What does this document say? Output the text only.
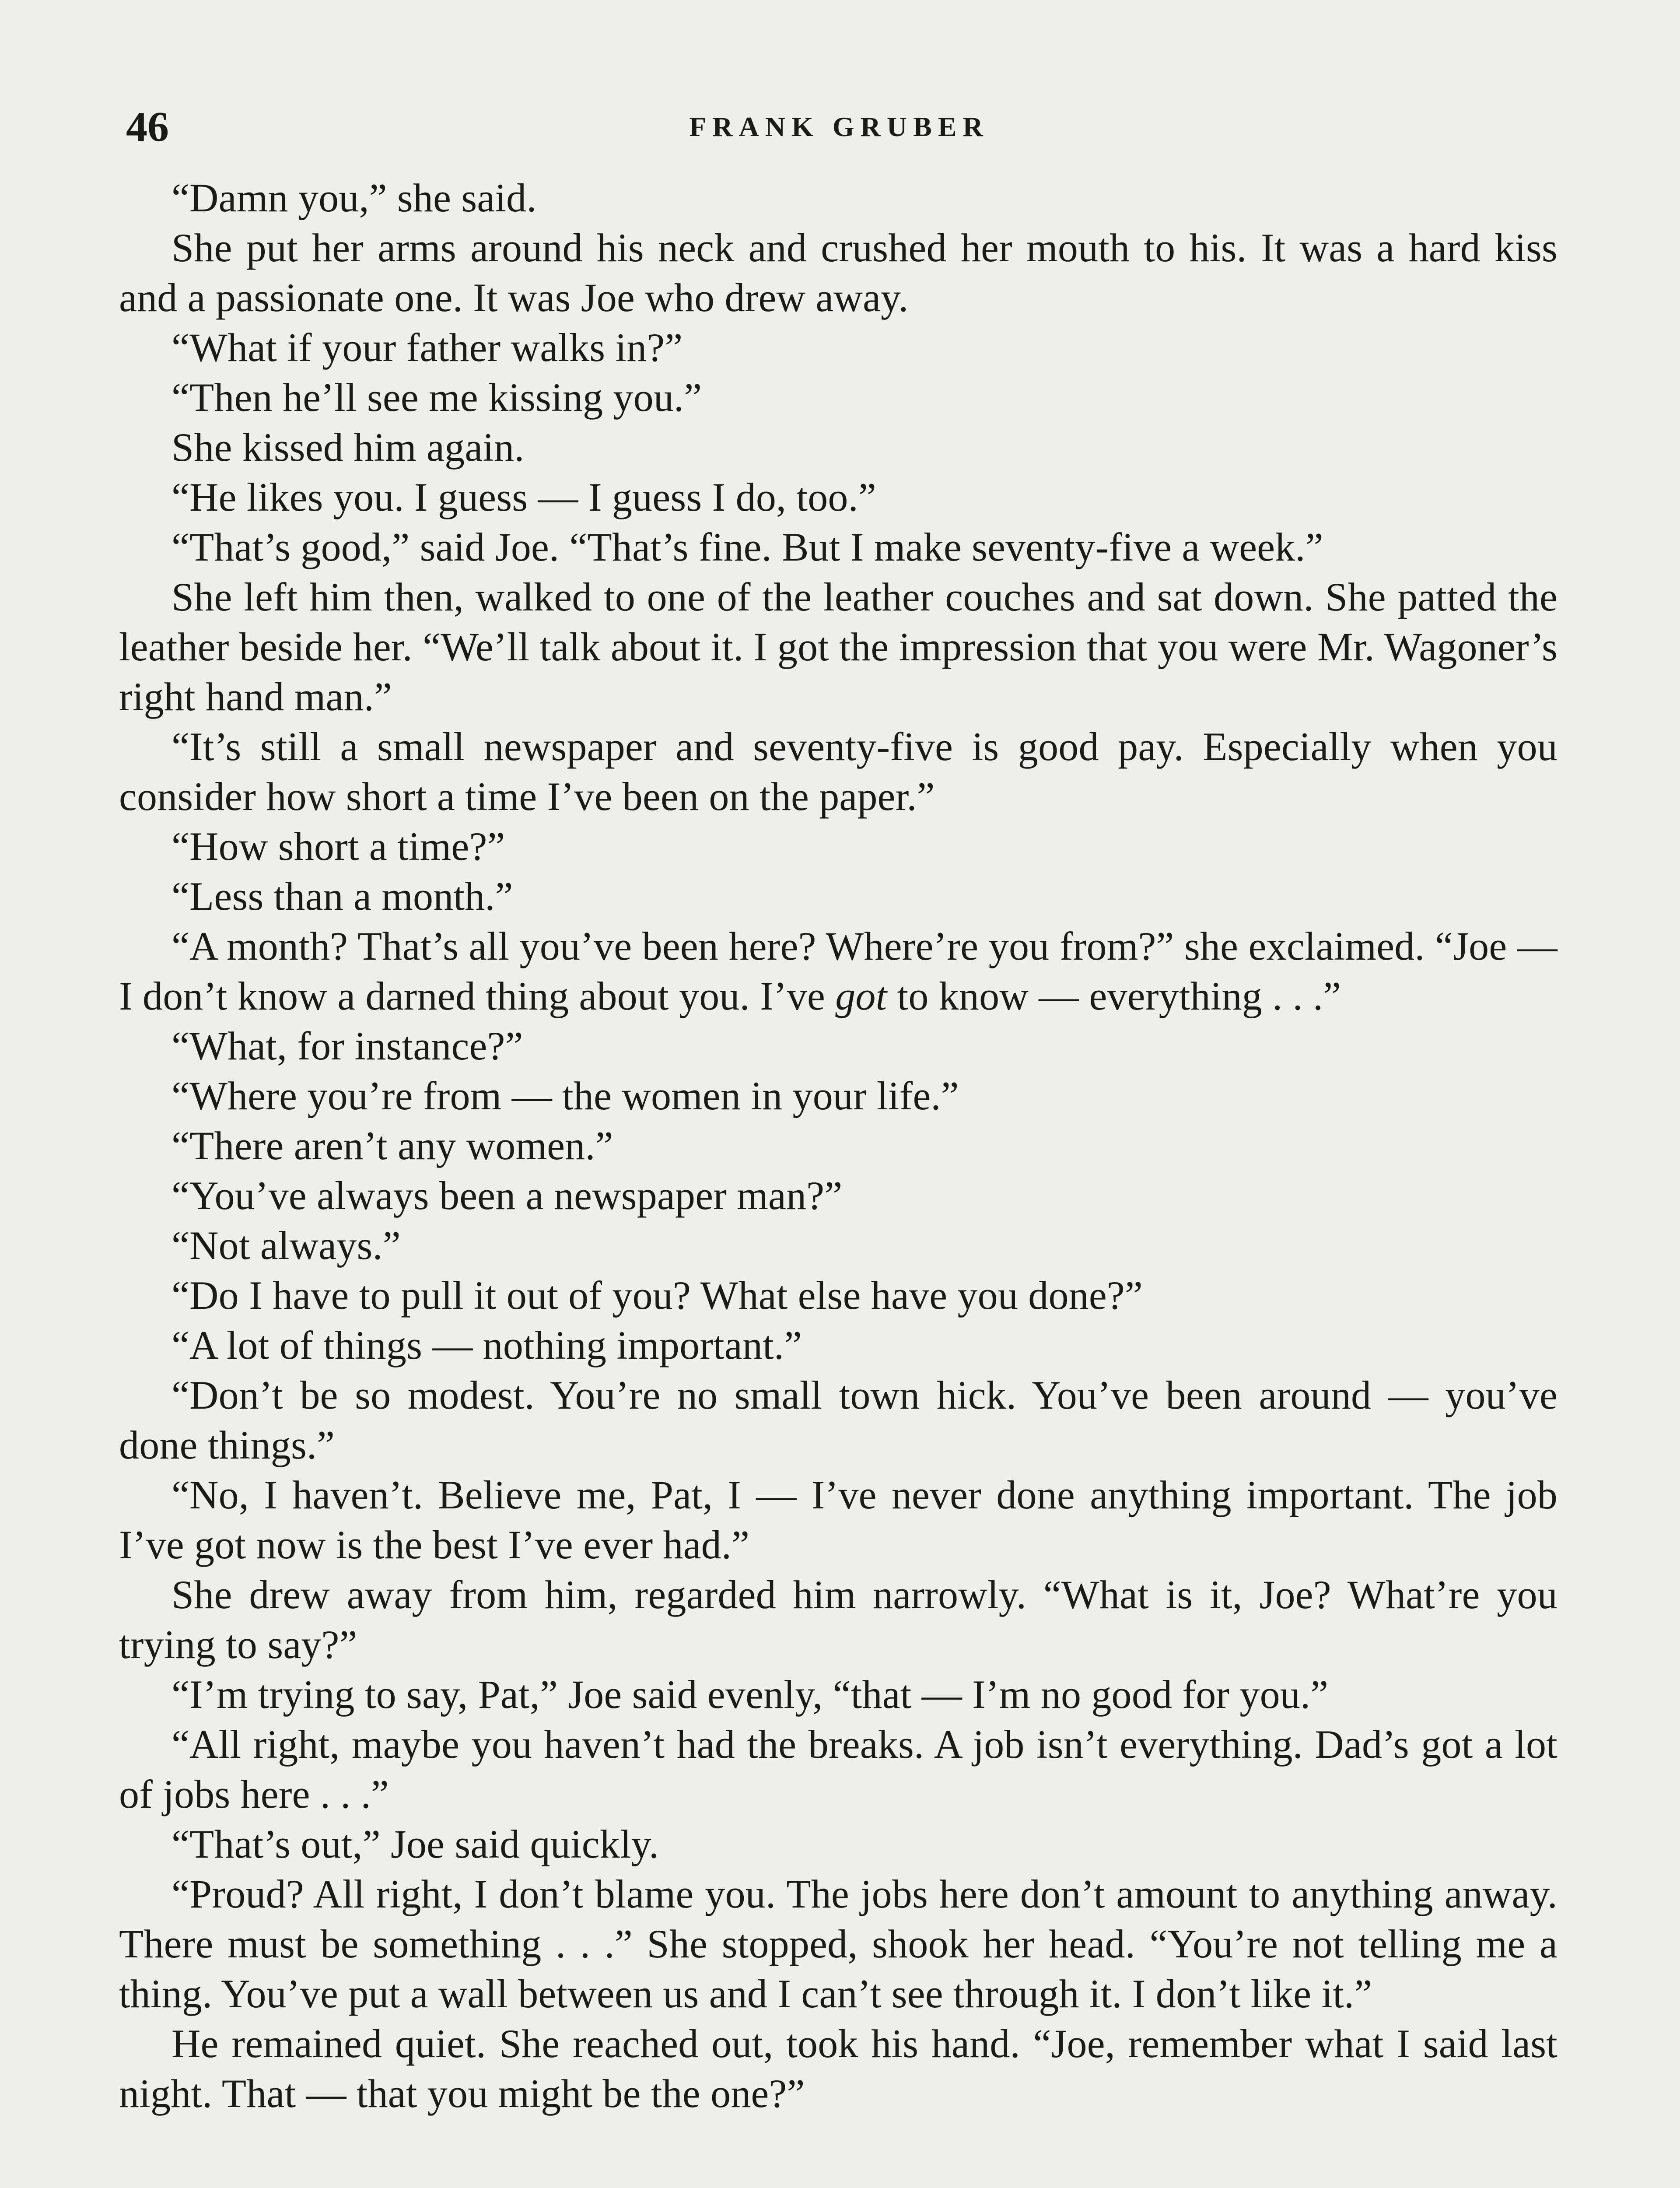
46	FRANK GRUBER

“Damn you,” she said.

She put her arms around his neck and crushed her mouth to his. It was a hard kiss and a passionate one. It was Joe who drew away.

“What if your father walks in?”

“Then he’ll see me kissing you.”

She kissed him again.

“He likes you. I guess — I guess I do, too.”

“That’s good,” said Joe. “That’s fine. But I make seventy-five a week.”

She left him then, walked to one of the leather couches and sat down. She patted the leather beside her. “We’ll talk about it. I got the impression that you were Mr. Wagoner’s right hand man.”

“It’s still a small newspaper and seventy-five is good pay. Especially when you consider how short a time I’ve been on the paper.”

“How short a time?”

“Less than a month.”

“A month? That’s all you’ve been here? Where’re you from?” she exclaimed. “Joe — I don’t know a darned thing about you. I’ve got to know — everything . . .”

“What, for instance?”

“Where you’re from — the women in your life.”

“There aren’t any women.”

“You’ve always been a newspaper man?”

“Not always.”

“Do I have to pull it out of you? What else have you done?”

“A lot of things — nothing important.”

“Don’t be so modest. You’re no small town hick. You’ve been around — you’ve done things.”

“No, I haven’t. Believe me, Pat, I — I’ve never done anything important. The job I’ve got now is the best I’ve ever had.”

She drew away from him, regarded him narrowly. “What is it, Joe? What’re you trying to say?”

“I’m trying to say, Pat,” Joe said evenly, “that — I’m no good for you.”

“All right, maybe you haven’t had the breaks. A job isn’t everything. Dad’s got a lot of jobs here . . .”

“That’s out,” Joe said quickly.

“Proud? All right, I don’t blame you. The jobs here don’t amount to anything anway. There must be something . . .” She stopped, shook her head. “You’re not telling me a thing. You’ve put a wall between us and I can’t see through it. I don’t like it.”

He remained quiet. She reached out, took his hand. “Joe, remember what I said last night. That — that you might be the one?”
